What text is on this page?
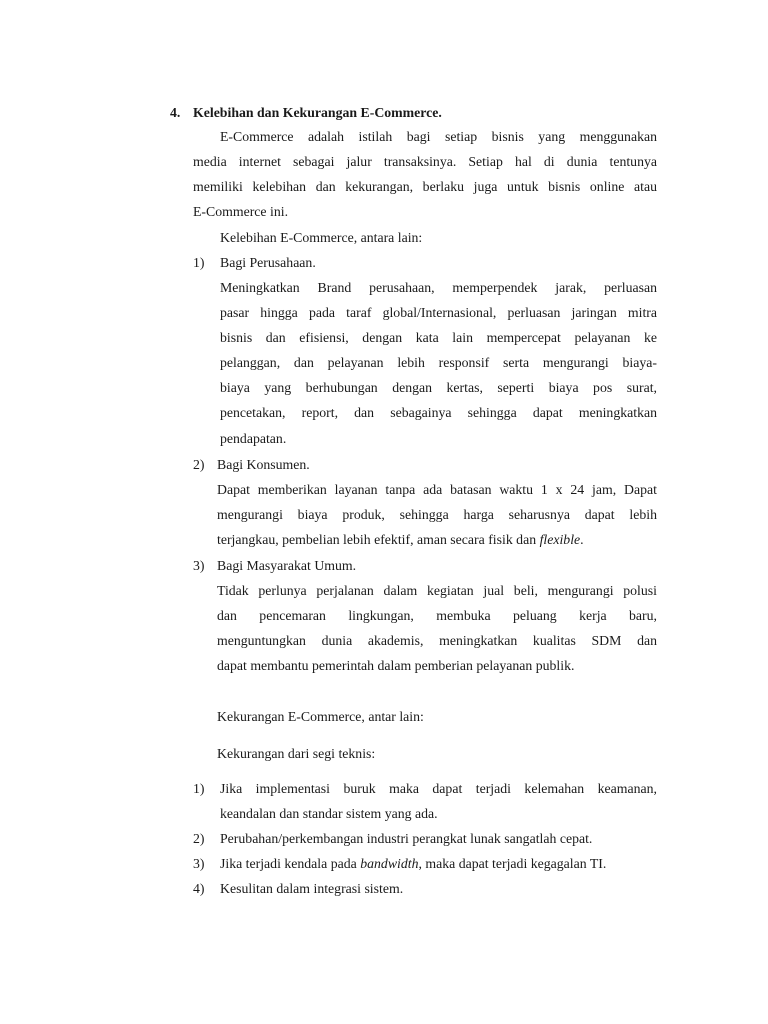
4. Kelebihan dan Kekurangan E-Commerce.
E-Commerce adalah istilah bagi setiap bisnis yang menggunakan
media internet sebagai jalur transaksinya. Setiap hal di dunia tentunya
memiliki kelebihan dan kekurangan, berlaku juga untuk bisnis online atau
E-Commerce ini.
Kelebihan E-Commerce, antara lain:
1) Bagi Perusahaan.
Meningkatkan Brand perusahaan, memperpendek jarak, perluasan
pasar hingga pada taraf global/Internasional, perluasan jaringan mitra
bisnis dan efisiensi, dengan kata lain mempercepat pelayanan ke
pelanggan, dan pelayanan lebih responsif serta mengurangi biaya-
biaya yang berhubungan dengan kertas, seperti biaya pos surat,
pencetakan, report, dan sebagainya sehingga dapat meningkatkan
pendapatan.
2) Bagi Konsumen.
Dapat memberikan layanan tanpa ada batasan waktu 1 x 24 jam, Dapat
mengurangi biaya produk, sehingga harga seharusnya dapat lebih
terjangkau, pembelian lebih efektif, aman secara fisik dan flexible.
3) Bagi Masyarakat Umum.
Tidak perlunya perjalanan dalam kegiatan jual beli, mengurangi polusi
dan pencemaran lingkungan, membuka peluang kerja baru,
menguntungkan dunia akademis, meningkatkan kualitas SDM dan
dapat membantu pemerintah dalam pemberian pelayanan publik.
Kekurangan E-Commerce, antar lain:
Kekurangan dari segi teknis:
1) Jika implementasi buruk maka dapat terjadi kelemahan keamanan,
keandalan dan standar sistem yang ada.
2) Perubahan/perkembangan industri perangkat lunak sangatlah cepat.
3) Jika terjadi kendala pada bandwidth, maka dapat terjadi kegagalan TI.
4) Kesulitan dalam integrasi sistem.
